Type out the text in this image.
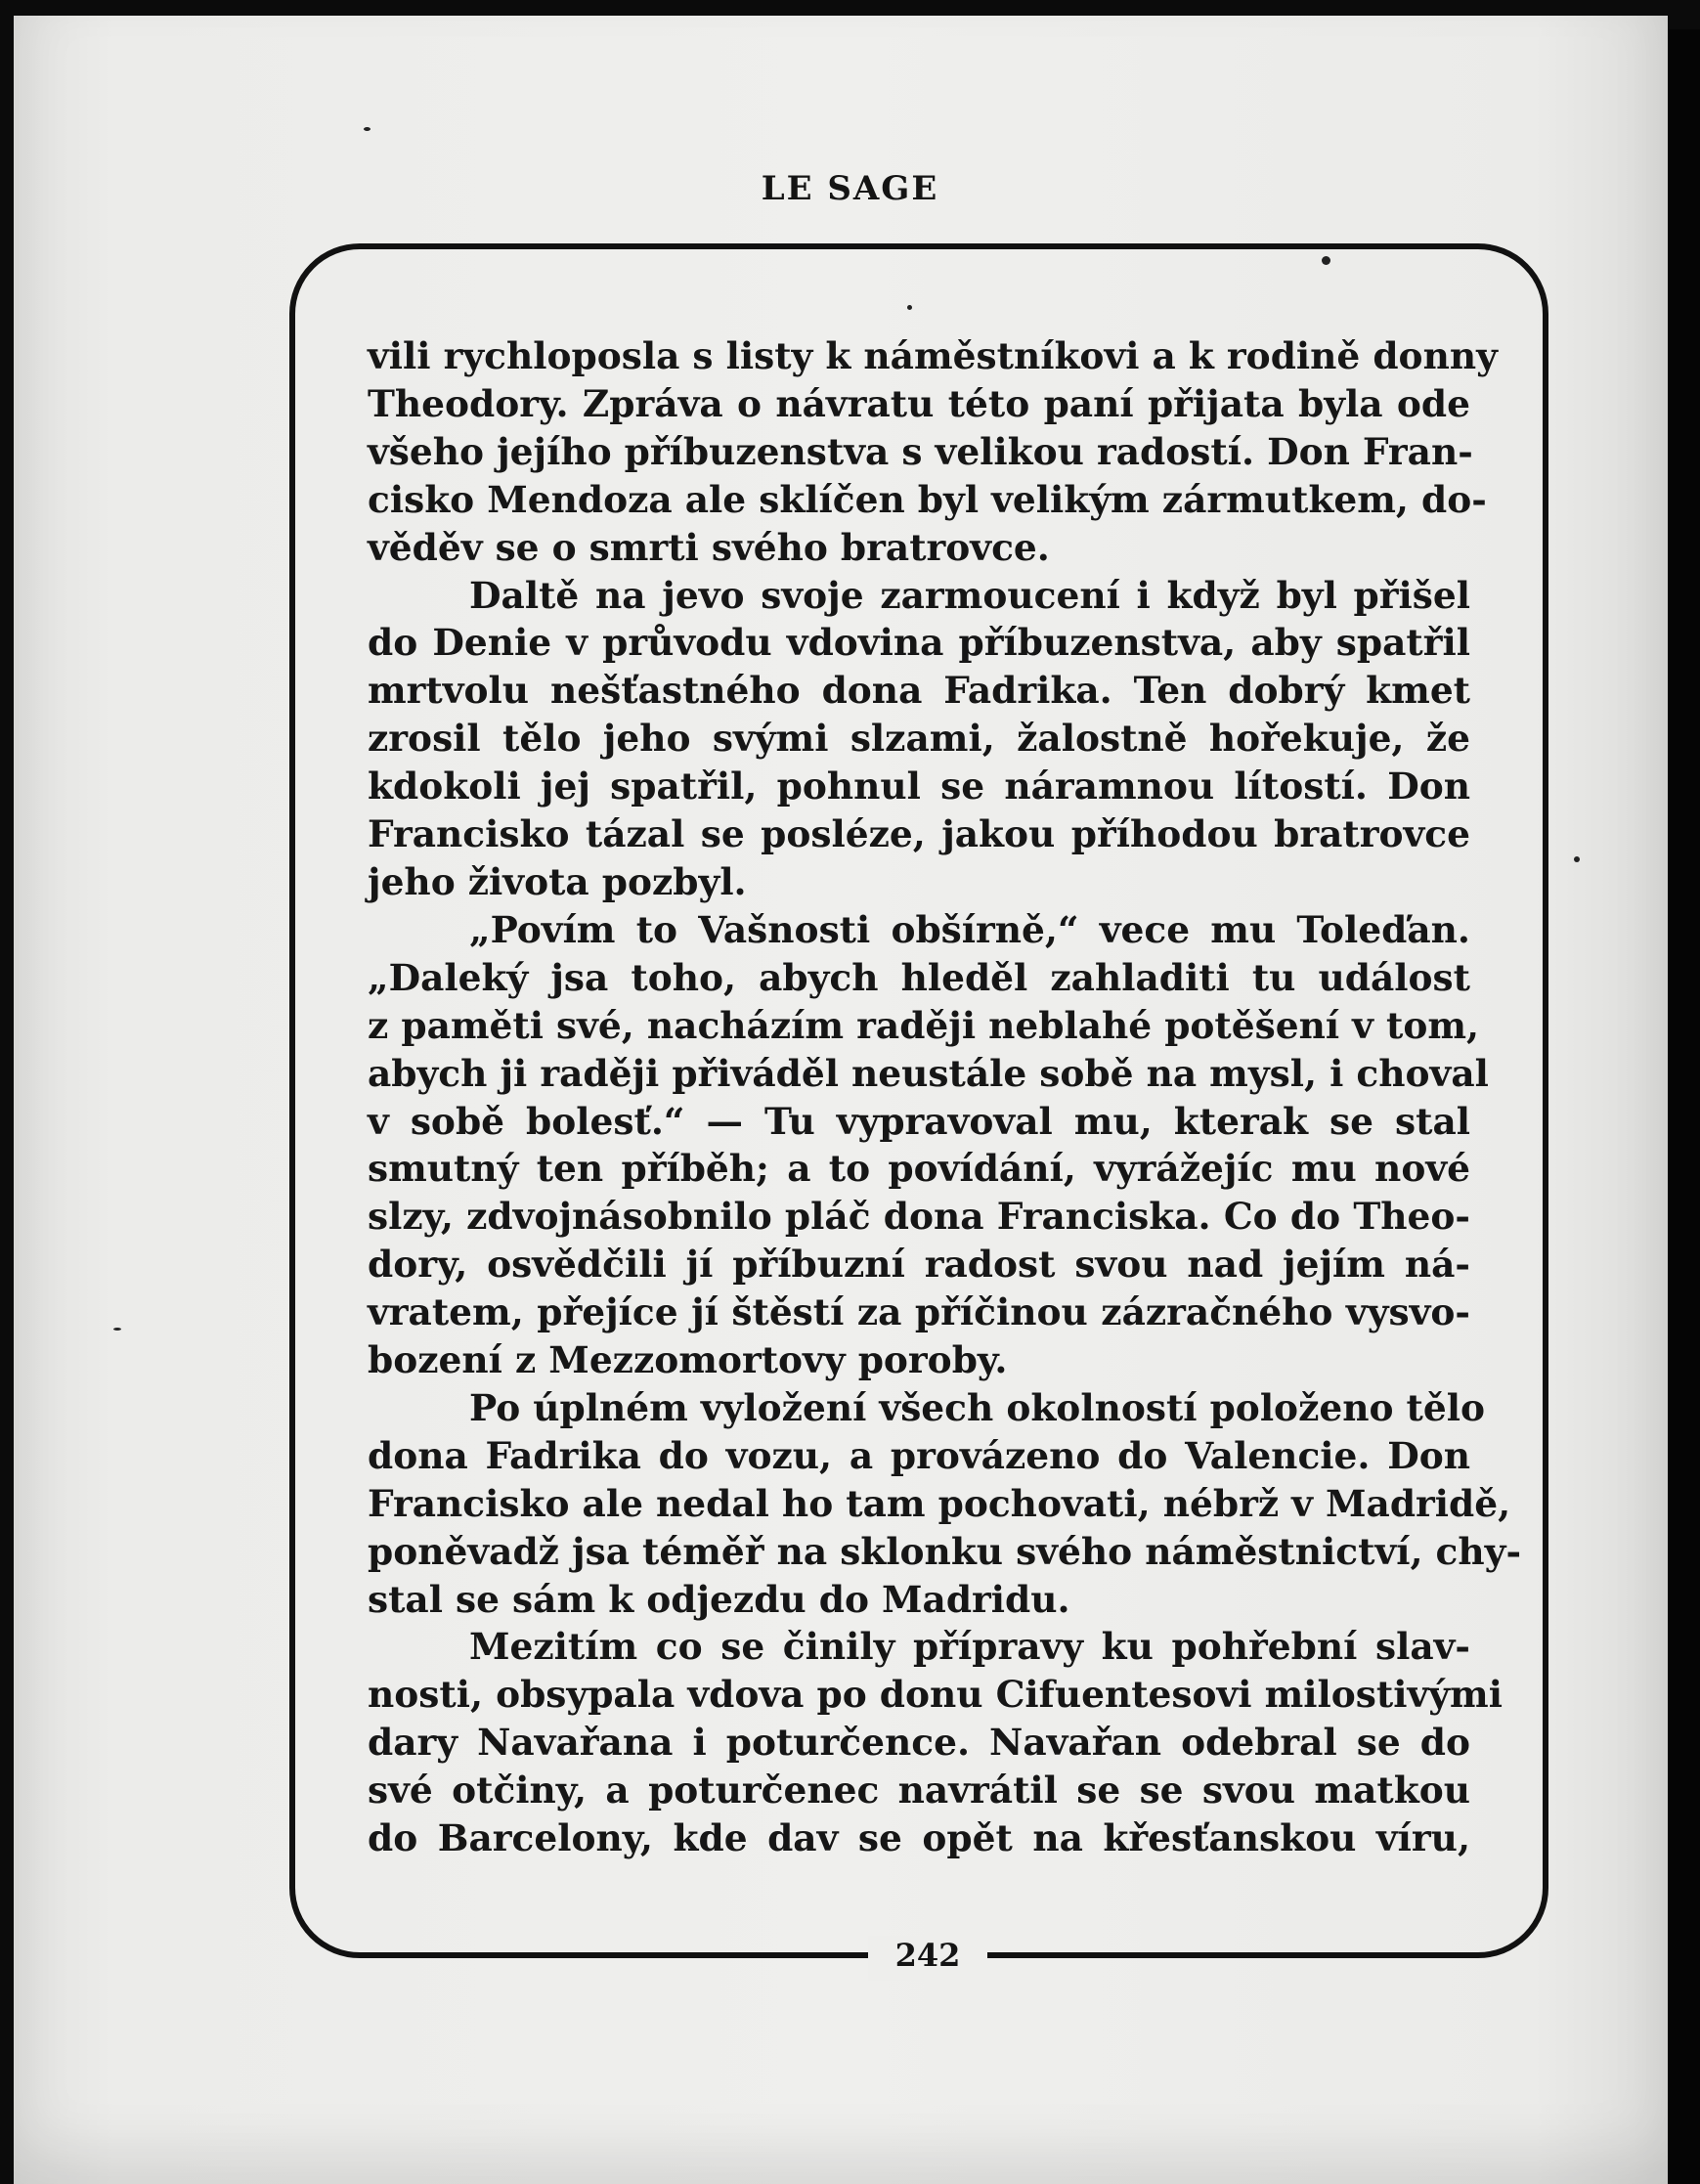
LE SAGE
vili rychloposla s listy k náměstníkovi a k rodině donny
Theodory. Zpráva o návratu této paní přijata byla ode
všeho jejího příbuzenstva s velikou radostí. Don Fran-
cisko Mendoza ale sklíčen byl velikým zármutkem, do-
věděv se o smrti svého bratrovce.
Daltě na jevo svoje zarmoucení i když byl přišel
do Denie v průvodu vdovina příbuzenstva, aby spatřil
mrtvolu nešťastného dona Fadrika. Ten dobrý kmet
zrosil tělo jeho svými slzami, žalostně hořekuje, že
kdokoli jej spatřil, pohnul se náramnou lítostí. Don
Francisko tázal se posléze, jakou příhodou bratrovce
jeho života pozbyl.
„Povím to Vašnosti obšírně,“ vece mu Toleďan.
„Daleký jsa toho, abych hleděl zahladiti tu událost
z paměti své, nacházím raději neblahé potěšení v tom,
abych ji raději přiváděl neustále sobě na mysl, i choval
v sobě bolesť.“ — Tu vypravoval mu, kterak se stal
smutný ten příběh; a to povídání, vyrážejíc mu nové
slzy, zdvojnásobnilo pláč dona Franciska. Co do Theo-
dory, osvědčili jí příbuzní radost svou nad jejím ná-
vratem, přejíce jí štěstí za příčinou zázračného vysvo-
bození z Mezzomortovy poroby.
Po úplném vyložení všech okolností položeno tělo
dona Fadrika do vozu, a provázeno do Valencie. Don
Francisko ale nedal ho tam pochovati, nébrž v Madridě,
poněvadž jsa téměř na sklonku svého náměstnictví, chy-
stal se sám k odjezdu do Madridu.
Mezitím co se činily přípravy ku pohřební slav-
nosti, obsypala vdova po donu Cifuentesovi milostivými
dary Navařana i poturčence. Navařan odebral se do
své otčiny, a poturčenec navrátil se se svou matkou
do Barcelony, kde dav se opět na křesťanskou víru,
242
